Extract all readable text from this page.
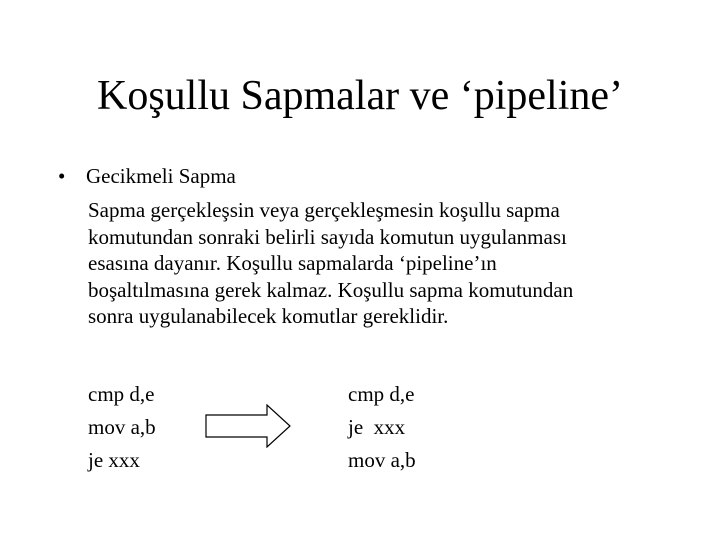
Koşullu Sapmalar ve ‘pipeline’
• Gecikmeli Sapma
Sapma gerçekleşsin veya gerçekleşmesin koşullu sapma
komutundan sonraki belirli sayıda komutun uygulanması
esasına dayanır. Koşullu sapmalarda ‘pipeline’ın
boşaltılmasına gerek kalmaz. Koşullu sapma komutundan
sonra uygulanabilecek komutlar gereklidir.
cmp d,e
mov a,b
je xxx
cmp d,e
je  xxx
mov a,b
